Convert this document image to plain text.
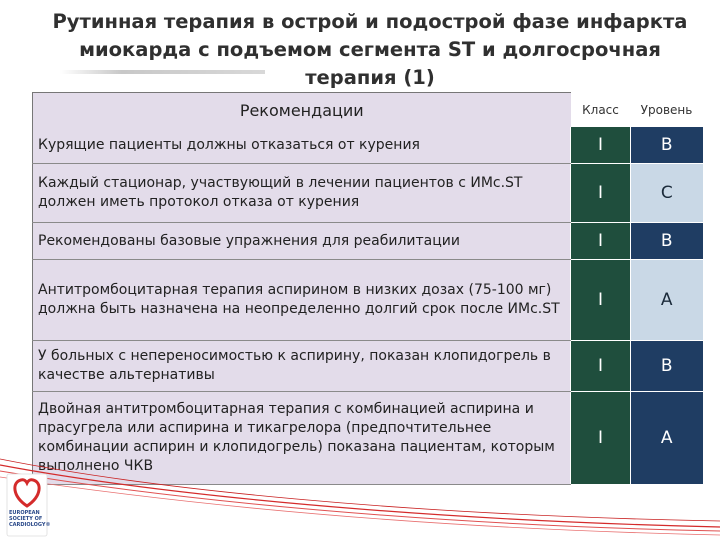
Рутинная терапия в острой и подострой фазе инфаркта
миокарда с подъемом сегмента ST и долгосрочная терапия (1)
Рекомендации	Класс	Уровень
Курящие пациенты должны отказаться от курения	I	B
Каждый стационар, участвующий в лечении пациентов с ИМс.ST должен иметь протокол отказа от курения	I	C
Рекомендованы базовые упражнения для реабилитации	I	B
Антитромбоцитарная терапия аспирином в низких дозах (75-100 мг) должна быть назначена на неопределенно долгий срок после ИМс.ST	I	A
У больных с непереносимостью к аспирину, показан клопидогрель в качестве альтернативы	I	B
Двойная антитромбоцитарная терапия с комбинацией аспирина и прасугрела или аспирина и тикагрелора (предпочтительнее комбинации аспирин и клопидогрель) показана пациентам, которым выполнено ЧКВ	I	A
EUROPEAN
SOCIETY OF
CARDIOLOGY®
